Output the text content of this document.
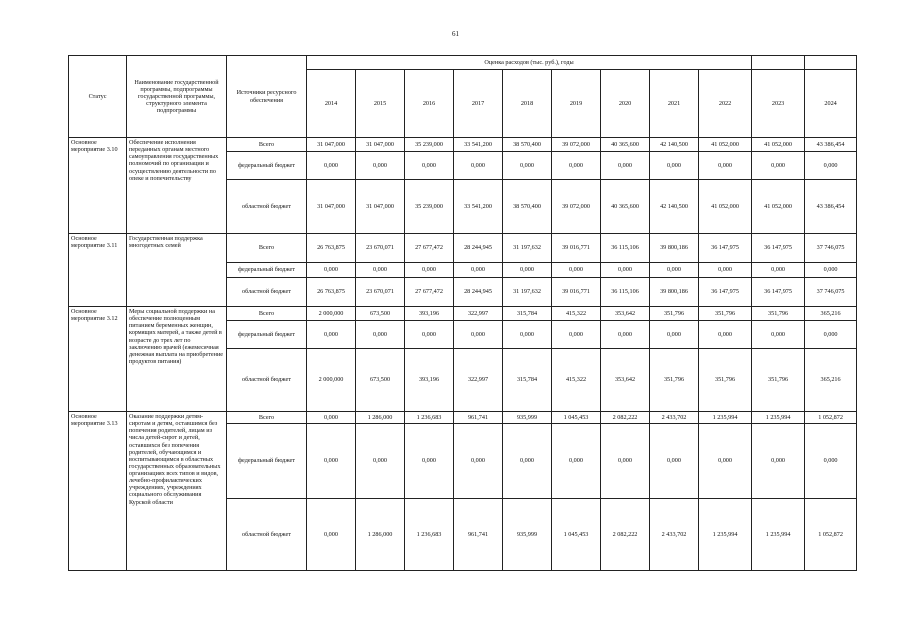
61
Статус	Наименование государственной программы, подпрограммы государственной программы, структурного элемента подпрограммы	Источники ресурсного обеспечения	Оценка расходов (тыс. руб.), годы										
			2014	2015	2016	2017	2018	2019	2020	2021	2022	2023	2024
Основное мероприятие 3.10	Обеспечение исполнения переданных органам местного самоуправления государственных полномочий по организации и осуществлению деятельности по опеке и попечительству	Всего	31 047,000	31 047,000	35 239,000	33 541,200	38 570,400	39 072,000	40 365,600	42 140,500	41 052,000	41 052,000	43 386,454
		федеральный бюджет	0,000	0,000	0,000	0,000	0,000	0,000	0,000	0,000	0,000	0,000	0,000
		областной бюджет	31 047,000	31 047,000	35 239,000	33 541,200	38 570,400	39 072,000	40 365,600	42 140,500	41 052,000	41 052,000	43 386,454
Основное мероприятие 3.11	Государственная поддержка многодетных семей	Всего	26 763,875	23 670,071	27 677,472	28 244,945	31 197,632	39 016,771	36 115,106	39 800,186	36 147,975	36 147,975	37 746,075
		федеральный бюджет	0,000	0,000	0,000	0,000	0,000	0,000	0,000	0,000	0,000	0,000	0,000
		областной бюджет	26 763,875	23 670,071	27 677,472	28 244,945	31 197,632	39 016,771	36 115,106	39 800,186	36 147,975	36 147,975	37 746,075
Основное мероприятие 3.12	Меры социальной поддержки на обеспечение полноценным питанием беременных женщин, кормящих матерей, а также детей в возрасте до трех лет по заключению врачей (ежемесячная денежная выплата на приобретение продуктов питания)	Всего	2 000,000	673,500	393,196	322,997	315,784	415,322	353,642	351,796	351,796	351,796	365,216
		федеральный бюджет	0,000	0,000	0,000	0,000	0,000	0,000	0,000	0,000	0,000	0,000	0,000
		областной бюджет	2 000,000	673,500	393,196	322,997	315,784	415,322	353,642	351,796	351,796	351,796	365,216
Основное мероприятие 3.13	Оказание поддержки детям-сиротам и детям, оставшимся без попечения родителей, лицам из числа детей-сирот и детей, оставшихся без попечения родителей, обучающимся и воспитывающимся в областных государственных образовательных организациях всех типов и видов, лечебно-профилактических учреждениях, учреждениях социального обслуживания Курской области	Всего	0,000	1 286,000	1 236,683	961,741	935,999	1 045,453	2 082,222	2 433,702	1 235,994	1 235,994	1 052,872
		федеральный бюджет	0,000	0,000	0,000	0,000	0,000	0,000	0,000	0,000	0,000	0,000	0,000
		областной бюджет	0,000	1 286,000	1 236,683	961,741	935,999	1 045,453	2 082,222	2 433,702	1 235,994	1 235,994	1 052,872
